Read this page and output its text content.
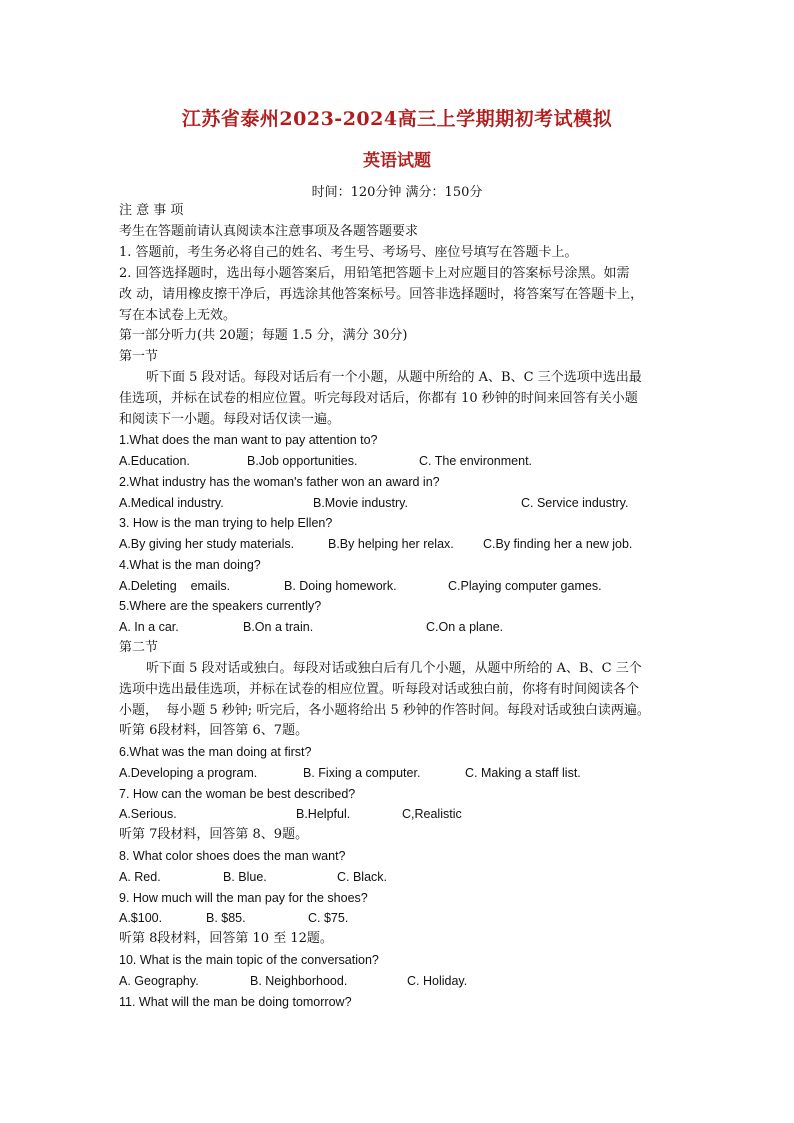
江苏省泰州2023-2024高三上学期期初考试模拟
英语试题
时间：120分钟 满分：150分
注 意 事 项
考生在答题前请认真阅读本注意事项及各题答题要求
1. 答题前，考生务必将自己的姓名、考生号、考场号、座位号填写在答题卡上。
2. 回答选择题时，选出每小题答案后，用铅笔把答题卡上对应题目的答案标号涂黑。如需
改 动，请用橡皮擦干净后，再选涂其他答案标号。回答非选择题时，将答案写在答题卡上，
写在本试卷上无效。
第一部分听力(共 20题；每题 1.5 分，满分 30分)
第一节
听下面 5 段对话。每段对话后有一个小题，从题中所给的 A、B、C 三个选项中选出最
佳选项，并标在试卷的相应位置。听完每段对话后，你都有 10 秒钟的时间来回答有关小题
和阅读下一小题。每段对话仅读一遍。
1.What does the man want to pay attention to?
A.Education.	B.Job opportunities.	C. The environment.
2.What industry has the woman's father won an award in?
A.Medical industry.	B.Movie industry.	C. Service industry.
3. How is the man trying to help Ellen?
A.By giving her study materials.	B.By helping her relax. C.By finding her a new job.
4.What is the man doing?
A.Deleting    emails.	B. Doing homework.	C.Playing computer games.
5.Where are the speakers currently?
A. In a car.	B.On a train.	C.On a plane.
第二节
听下面 5 段对话或独白。每段对话或独白后有几个小题，从题中所给的 A、B、C 三个
选项中选出最佳选项，并标在试卷的相应位置。听每段对话或独白前，你将有时间阅读各个
小题，  每小题 5 秒钟; 听完后，各小题将给出 5 秒钟的作答时间。每段对话或独白读两遍。
听第 6段材料，回答第 6、7题。
6.What was the man doing at first?
A.Developing a program.	B. Fixing a computer.	C. Making a staff list.
7. How can the woman be best described?
A.Serious.	B.Helpful.	C,Realistic
听第 7段材料，回答第 8、9题。
8. What color shoes does the man want?
A. Red.	B. Blue.	C. Black.
9. How much will the man pay for the shoes?
A.$100.	B. $85.	C. $75.
听第 8段材料，回答第 10 至 12题。
10. What is the main topic of the conversation?
A. Geography.	B. Neighborhood.	C. Holiday.
11. What will the man be doing tomorrow?
